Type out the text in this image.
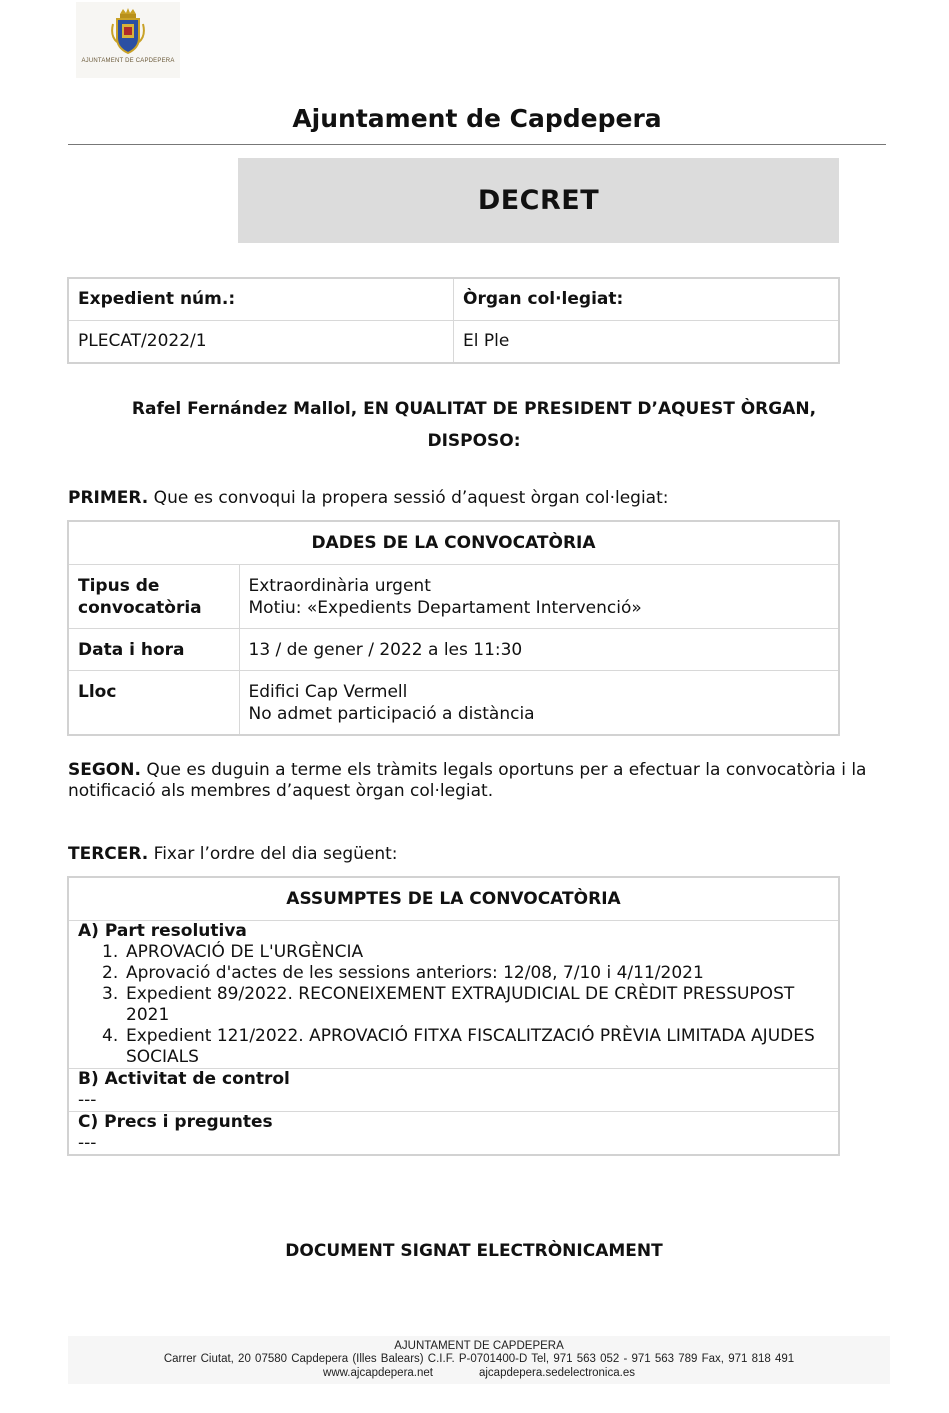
AJUNTAMENT DE CAPDEPERA
Ajuntament de Capdepera
DECRET
Expedient núm.:	Òrgan col·legiat:
PLECAT/2022/1	El Ple
Rafel Fernández Mallol, EN QUALITAT DE PRESIDENT D’AQUEST ÒRGAN,
DISPOSO:
PRIMER. Que es convoqui la propera sessió d’aquest òrgan col·legiat:
DADES DE LA CONVOCATÒRIA	
Tipus de convocatòria	Extraordinària urgent
Motiu: «Expedients Departament Intervenció»

Data i hora	13 / de gener / 2022 a les 11:30

Lloc	Edifici Cap Vermell
No admet participació a distància
SEGON. Que es duguin a terme els tràmits legals oportuns per a efectuar la convocatòria i la notificació als membres d’aquest òrgan col·legiat.
TERCER. Fixar l’ordre del dia següent:
ASSUMPTES DE LA CONVOCATÒRIA

A) Part resolutiva
APROVACIÓ DE L'URGÈNCIA
Aprovació d'actes de les sessions anteriors: 12/08, 7/10 i 4/11/2021
Expedient 89/2022. RECONEIXEMENT EXTRAJUDICIAL DE CRÈDIT PRESSUPOST 2021
Expedient 121/2022. APROVACIÓ FITXA FISCALITZACIÓ PRÈVIA LIMITADA AJUDES SOCIALS

B) Activitat de control
---

C) Precs i preguntes
---
DOCUMENT SIGNAT ELECTRÒNICAMENT
AJUNTAMENT DE CAPDEPERA
Carrer Ciutat, 20 07580 Capdepera (Illes Balears) C.I.F. P-0701400-D Tel, 971 563 052 - 971 563 789 Fax, 971 818 491
www.ajcapdepera.net	ajcapdepera.sedelectronica.es
